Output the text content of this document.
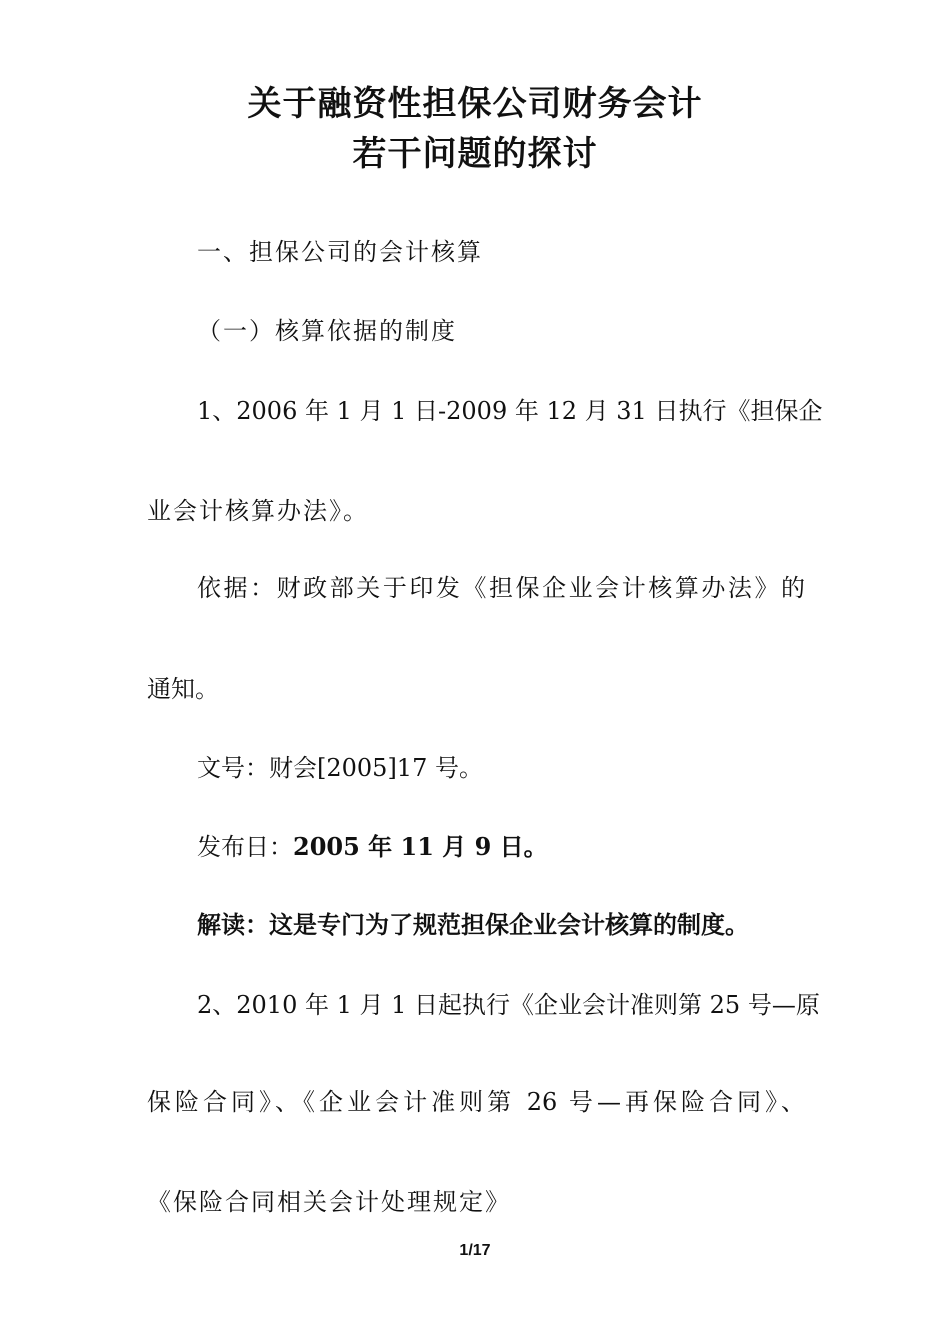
关于融资性担保公司财务会计
若干问题的探讨
一、担保公司的会计核算
（一）核算依据的制度
1、2006 年 1 月 1 日-2009 年 12 月 31 日执行《担保企
业会计核算办法》。
依据：财政部关于印发《担保企业会计核算办法》的
通知。
文号：财会[2005]17 号。
发布日：2005 年 11 月 9 日。
解读：这是专门为了规范担保企业会计核算的制度。
2、2010 年 1 月 1 日起执行《企业会计准则第 25 号—原
保险合同》、《企业会计准则第 26 号—再保险合同》、
《保险合同相关会计处理规定》
1/17
